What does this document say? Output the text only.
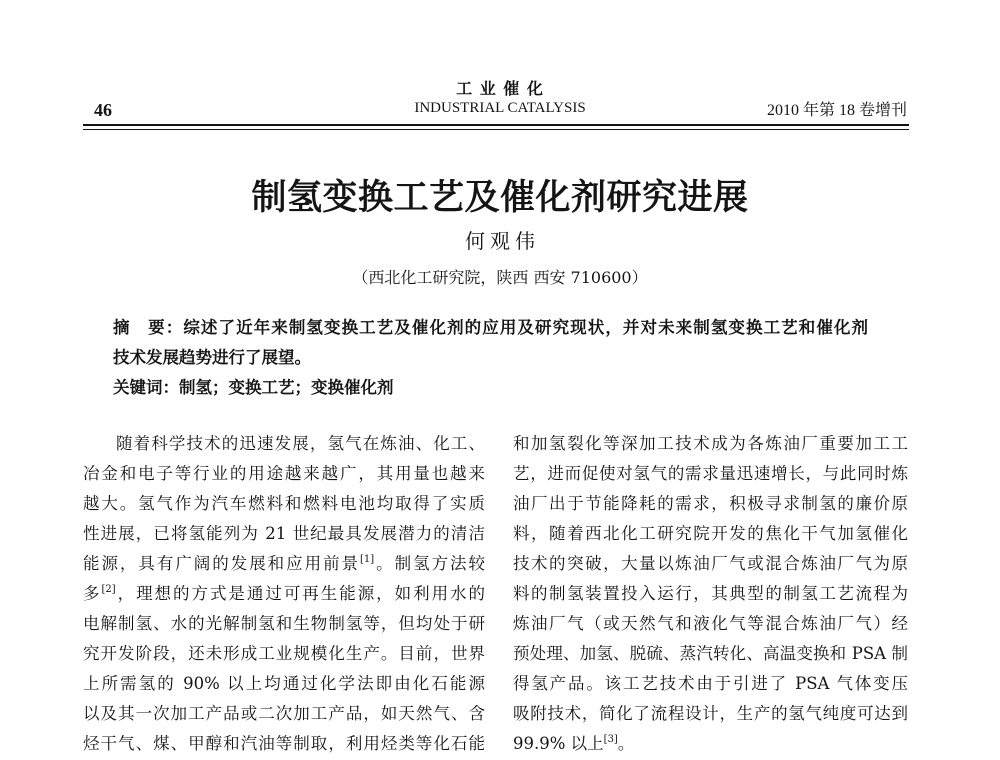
46
工 业 催 化
INDUSTRIAL CATALYSIS	2010 年第 18 卷增刊
制氢变换工艺及催化剂研究进展
何观伟
（西北化工研究院，陕西 西安 710600）
摘　要：综述了近年来制氢变换工艺及催化剂的应用及研究现状，并对未来制氢变换工艺和催化剂
技术发展趋势进行了展望。
关键词：制氢；变换工艺；变换催化剂
随着科学技术的迅速发展，氢气在炼油、化工、
冶金和电子等行业的用途越来越广，其用量也越来
越大。氢气作为汽车燃料和燃料电池均取得了实质
性进展，已将氢能列为 21 世纪最具发展潜力的清洁
能源，具有广阔的发展和应用前景[1]。制氢方法较
多[2]，理想的方式是通过可再生能源，如利用水的
电解制氢、水的光解制氢和生物制氢等，但均处于研
究开发阶段，还未形成工业规模化生产。目前，世界
上所需氢的 90% 以上均通过化学法即由化石能源
以及其一次加工产品或二次加工产品，如天然气、含
烃干气、煤、甲醇和汽油等制取，利用烃类等化石能
和加氢裂化等深加工技术成为各炼油厂重要加工工
艺，进而促使对氢气的需求量迅速增长，与此同时炼
油厂出于节能降耗的需求，积极寻求制氢的廉价原
料，随着西北化工研究院开发的焦化干气加氢催化
技术的突破，大量以炼油厂气或混合炼油厂气为原
料的制氢装置投入运行，其典型的制氢工艺流程为
炼油厂气（或天然气和液化气等混合炼油厂气）经
预处理、加氢、脱硫、蒸汽转化、高温变换和 PSA 制
得氢产品。该工艺技术由于引进了 PSA 气体变压
吸附技术，简化了流程设计，生产的氢气纯度可达到
99.9% 以上[3]。
